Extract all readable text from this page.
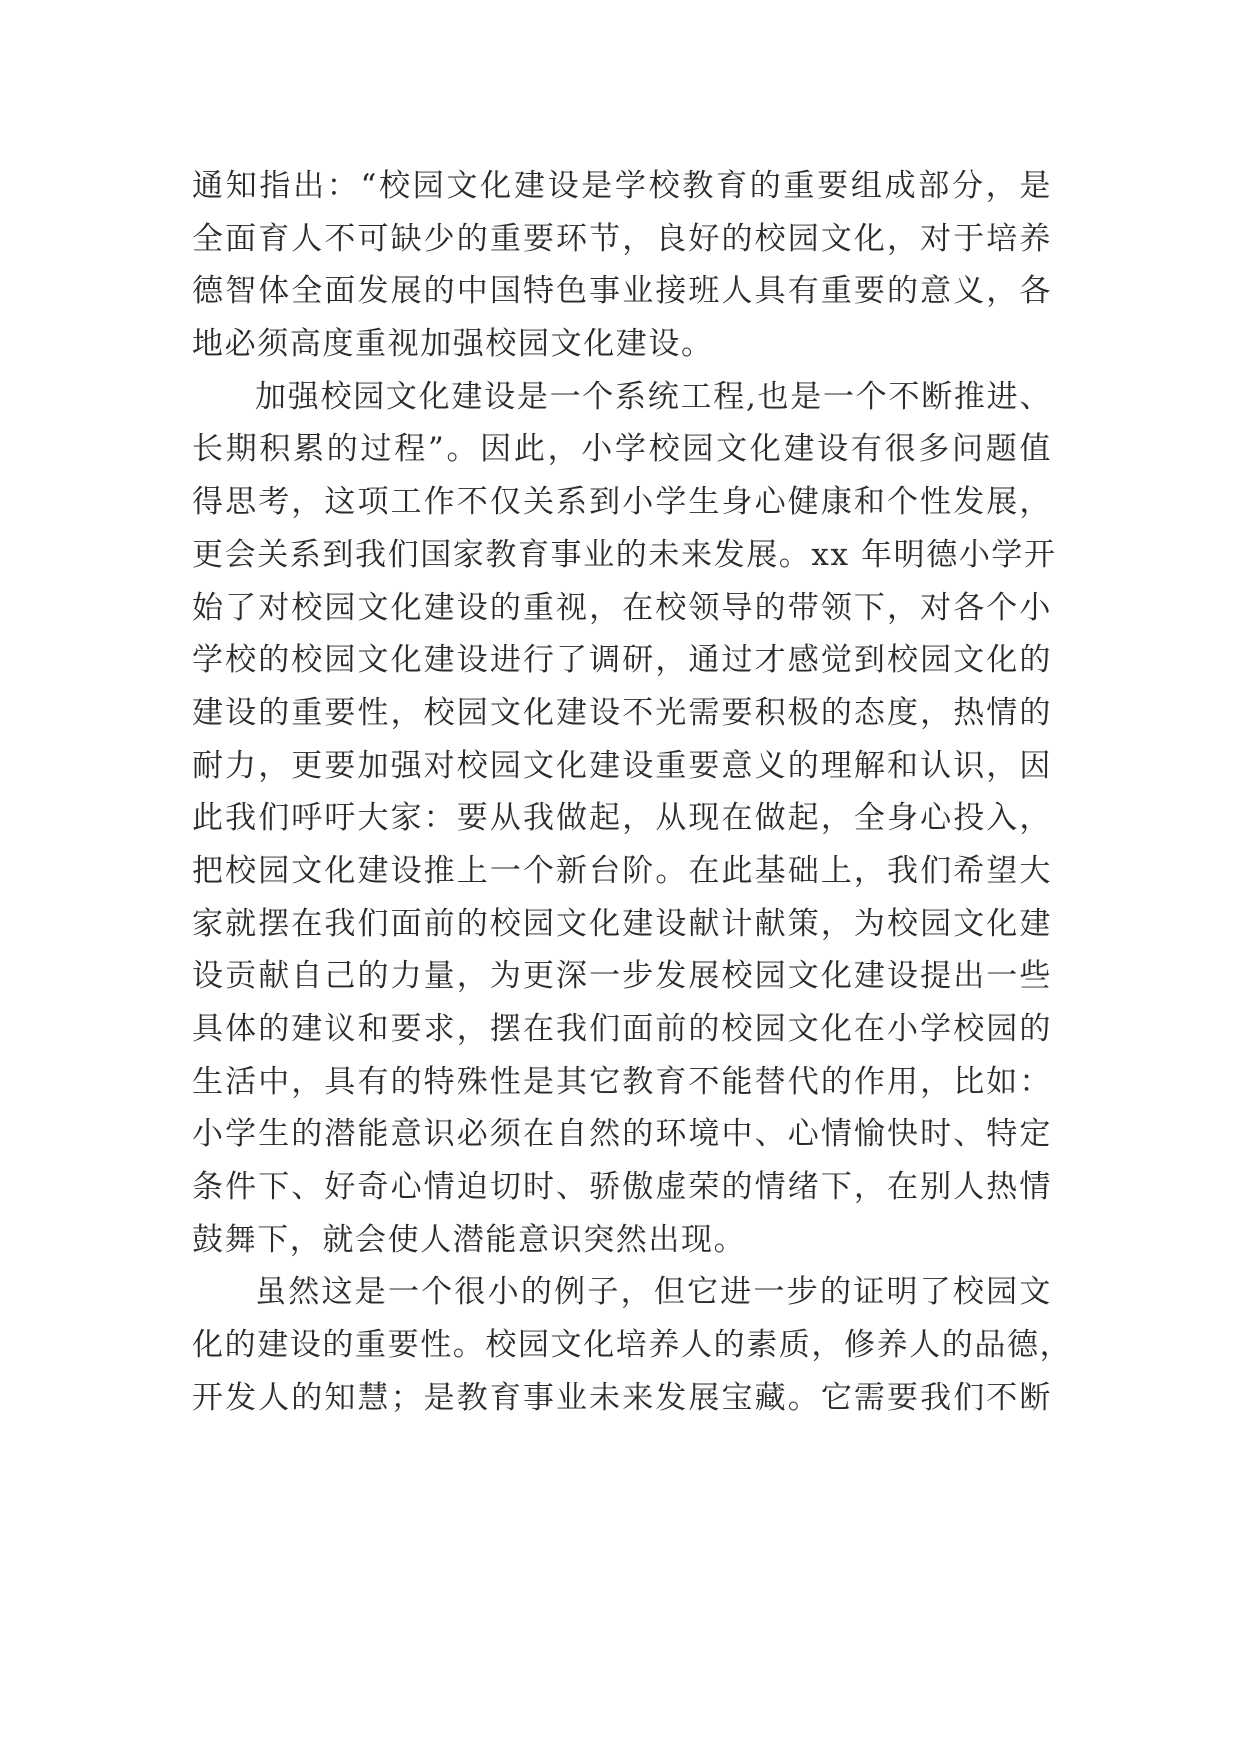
通知指出：“校园文化建设是学校教育的重要组成部分，是
全面育人不可缺少的重要环节，良好的校园文化，对于培养
德智体全面发展的中国特色事业接班人具有重要的意义，各
地必须高度重视加强校园文化建设。
加强校园文化建设是一个系统工程,也是一个不断推进、
长期积累的过程”。因此，小学校园文化建设有很多问题值
得思考，这项工作不仅关系到小学生身心健康和个性发展，
更会关系到我们国家教育事业的未来发展。xx 年明德小学开
始了对校园文化建设的重视，在校领导的带领下，对各个小
学校的校园文化建设进行了调研，通过才感觉到校园文化的
建设的重要性，校园文化建设不光需要积极的态度，热情的
耐力，更要加强对校园文化建设重要意义的理解和认识，因
此我们呼吁大家：要从我做起，从现在做起，全身心投入，
把校园文化建设推上一个新台阶。在此基础上，我们希望大
家就摆在我们面前的校园文化建设献计献策，为校园文化建
设贡献自己的力量，为更深一步发展校园文化建设提出一些
具体的建议和要求，摆在我们面前的校园文化在小学校园的
生活中，具有的特殊性是其它教育不能替代的作用，比如：
小学生的潜能意识必须在自然的环境中、心情愉快时、特定
条件下、好奇心情迫切时、骄傲虚荣的情绪下，在别人热情
鼓舞下，就会使人潜能意识突然出现。
虽然这是一个很小的例子，但它进一步的证明了校园文
化的建设的重要性。校园文化培养人的素质，修养人的品德，
开发人的知慧；是教育事业未来发展宝藏。它需要我们不断
